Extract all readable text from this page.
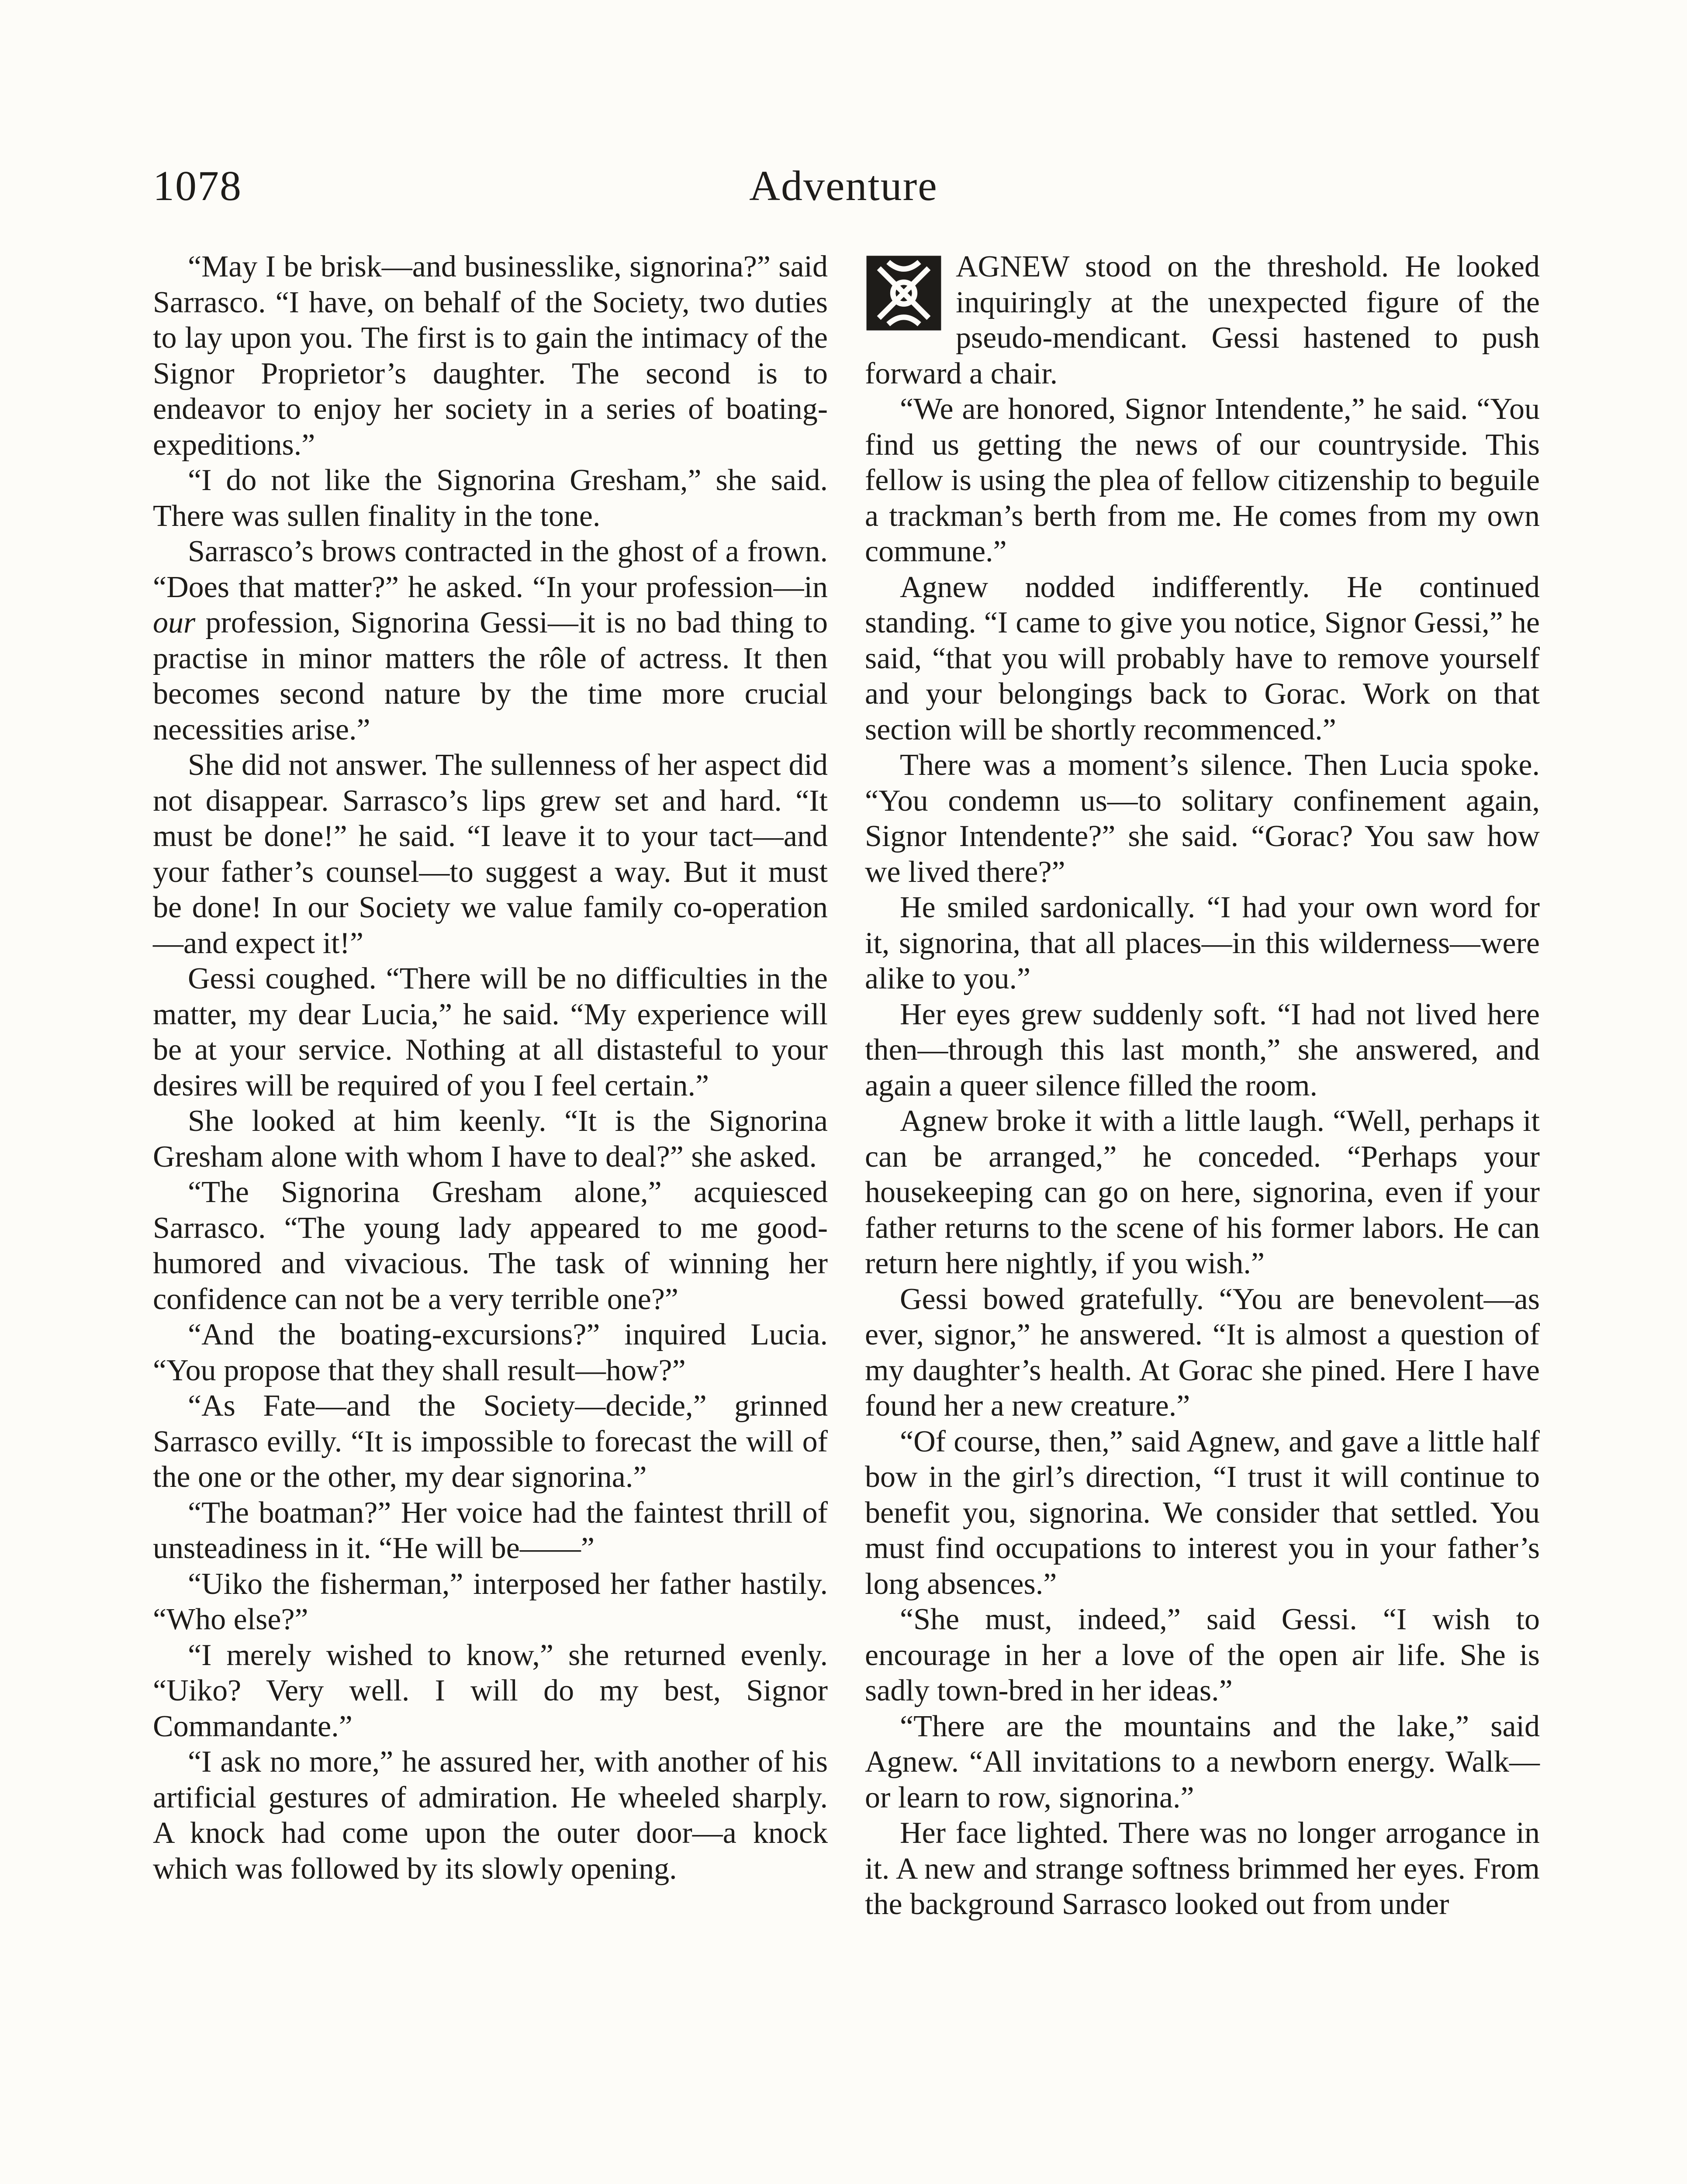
1078	Adventure

“May I be brisk—and businesslike, signorina?” said Sarrasco. “I have, on behalf of the Society, two duties to lay upon you. The first is to gain the intimacy of the Signor Proprietor’s daughter. The second is to endeavor to enjoy her society in a series of boating-expeditions.”

“I do not like the Signorina Gresham,” she said. There was sullen finality in the tone.

Sarrasco’s brows contracted in the ghost of a frown. “Does that matter?” he asked. “In your profession—in our profession, Signorina Gessi—it is no bad thing to practise in minor matters the rôle of actress. It then becomes second nature by the time more crucial necessities arise.”

She did not answer. The sullenness of her aspect did not disappear. Sarrasco’s lips grew set and hard. “It must be done!” he said. “I leave it to your tact—and your father’s counsel—to suggest a way. But it must be done! In our Society we value family co-operation—and expect it!”

Gessi coughed. “There will be no difficulties in the matter, my dear Lucia,” he said. “My experience will be at your service. Nothing at all distasteful to your desires will be required of you I feel certain.”

She looked at him keenly. “It is the Signorina Gresham alone with whom I have to deal?” she asked.

“The Signorina Gresham alone,” acquiesced Sarrasco. “The young lady appeared to me good-humored and vivacious. The task of winning her confidence can not be a very terrible one?”

“And the boating-excursions?” inquired Lucia. “You propose that they shall result—how?”

“As Fate—and the Society—decide,” grinned Sarrasco evilly. “It is impossible to forecast the will of the one or the other, my dear signorina.”

“The boatman?” Her voice had the faintest thrill of unsteadiness in it. “He will be——”

“Uiko the fisherman,” interposed her father hastily. “Who else?”

“I merely wished to know,” she returned evenly. “Uiko? Very well. I will do my best, Signor Commandante.”

“I ask no more,” he assured her, with another of his artificial gestures of admiration. He wheeled sharply. A knock had come upon the outer door—a knock which was followed by its slowly opening.

AGNEW stood on the threshold. He looked inquiringly at the unexpected figure of the pseudo-mendicant. Gessi hastened to push forward a chair.

“We are honored, Signor Intendente,” he said. “You find us getting the news of our countryside. This fellow is using the plea of fellow citizenship to beguile a trackman’s berth from me. He comes from my own commune.”

Agnew nodded indifferently. He continued standing. “I came to give you notice, Signor Gessi,” he said, “that you will probably have to remove yourself and your belongings back to Gorac. Work on that section will be shortly recommenced.”

There was a moment’s silence. Then Lucia spoke. “You condemn us—to solitary confinement again, Signor Intendente?” she said. “Gorac? You saw how we lived there?”

He smiled sardonically. “I had your own word for it, signorina, that all places—in this wilderness—were alike to you.”

Her eyes grew suddenly soft. “I had not lived here then—through this last month,” she answered, and again a queer silence filled the room.

Agnew broke it with a little laugh. “Well, perhaps it can be arranged,” he conceded. “Perhaps your housekeeping can go on here, signorina, even if your father returns to the scene of his former labors. He can return here nightly, if you wish.”

Gessi bowed gratefully. “You are benevolent—as ever, signor,” he answered. “It is almost a question of my daughter’s health. At Gorac she pined. Here I have found her a new creature.”

“Of course, then,” said Agnew, and gave a little half bow in the girl’s direction, “I trust it will continue to benefit you, signorina. We consider that settled. You must find occupations to interest you in your father’s long absences.”

“She must, indeed,” said Gessi. “I wish to encourage in her a love of the open air life. She is sadly town-bred in her ideas.”

“There are the mountains and the lake,” said Agnew. “All invitations to a newborn energy. Walk—or learn to row, signorina.”

Her face lighted. There was no longer arrogance in it. A new and strange softness brimmed her eyes. From the background Sarrasco looked out from under
